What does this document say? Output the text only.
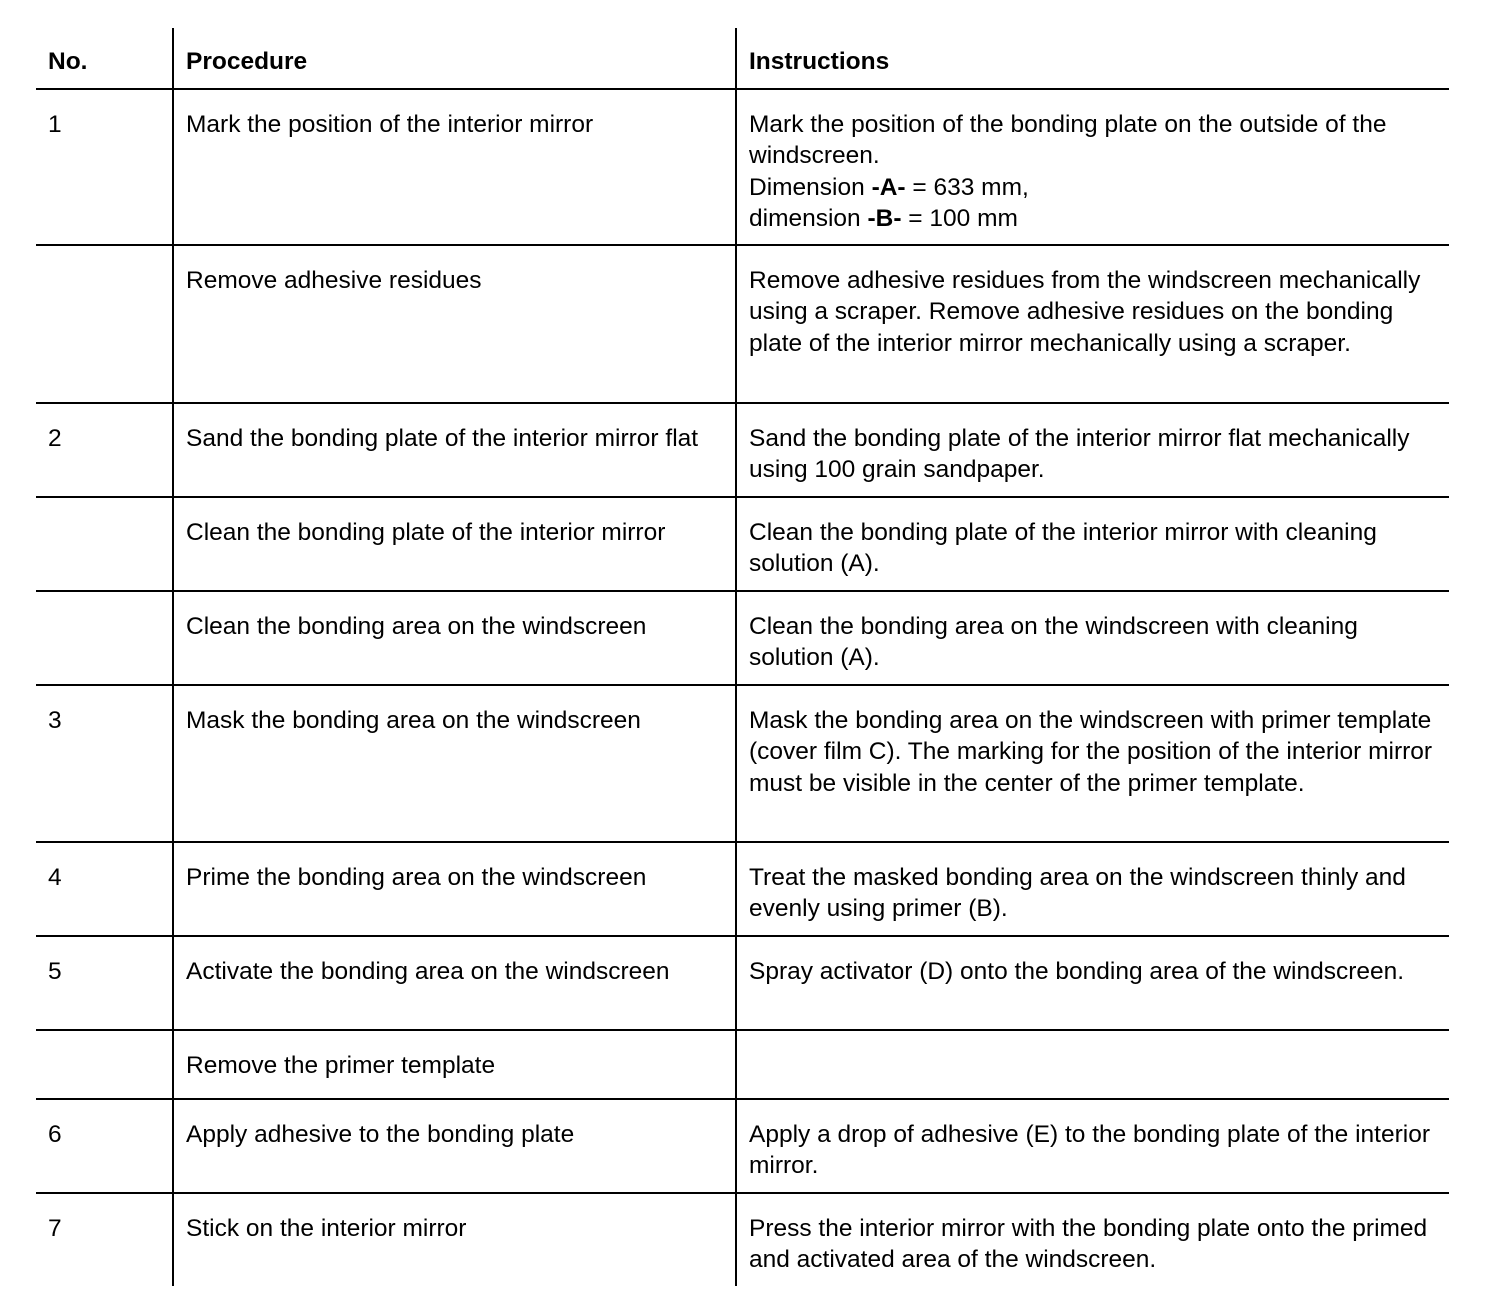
No.	Procedure	Instructions
1	Mark the position of the interior mirror	Mark the position of the bonding plate on the outside of the windscreen.
Dimension -A- = 633 mm,
dimension -B- = 100 mm

	Remove adhesive residues	Remove adhesive residues from the windscreen mechanically using a scraper. Remove adhesive residues on the bonding plate of the interior mirror mechanically using a scraper.
2	Sand the bonding plate of the interior mirror flat	Sand the bonding plate of the interior mirror flat mechanically using 100 grain sandpaper.
	Clean the bonding plate of the interior mirror	Clean the bonding plate of the interior mirror with cleaning solution (A).
	Clean the bonding area on the windscreen	Clean the bonding area on the windscreen with cleaning solution (A).
3	Mask the bonding area on the windscreen	Mask the bonding area on the windscreen with primer template (cover film C). The marking for the position of the interior mirror must be visible in the center of the primer template.
4	Prime the bonding area on the windscreen	Treat the masked bonding area on the windscreen thinly and evenly using primer (B).
5	Activate the bonding area on the windscreen	Spray activator (D) onto the bonding area of the windscreen.
	Remove the primer template	
6	Apply adhesive to the bonding plate	Apply a drop of adhesive (E) to the bonding plate of the interior mirror.
7	Stick on the interior mirror	Press the interior mirror with the bonding plate onto the primed and activated area of the windscreen.
